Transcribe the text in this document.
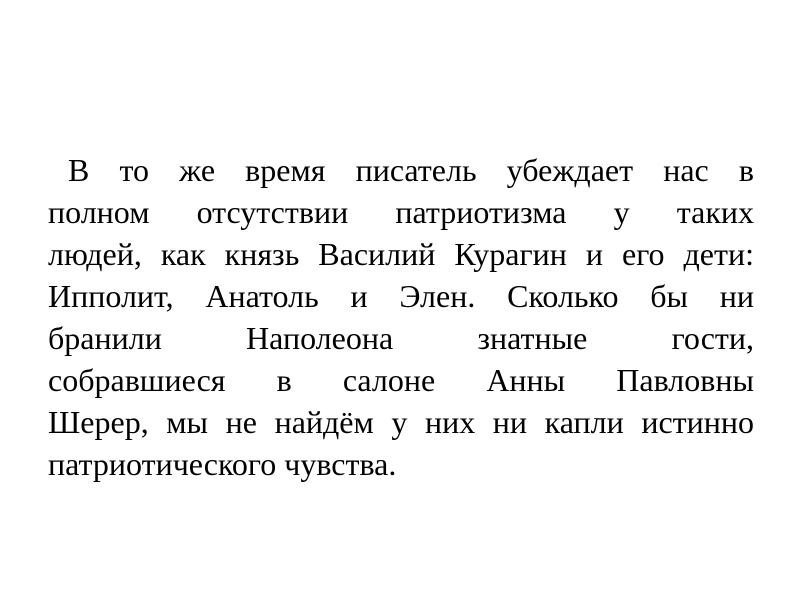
В то же время писатель убеждает нас в
полном отсутствии патриотизма у таких
людей, как князь Василий Курагин и его дети:
Ипполит, Анатоль и Элен. Сколько бы ни
бранили Наполеона знатные гости,
собравшиеся в салоне Анны Павловны
Шерер, мы не найдём у них ни капли истинно
патриотического чувства.
